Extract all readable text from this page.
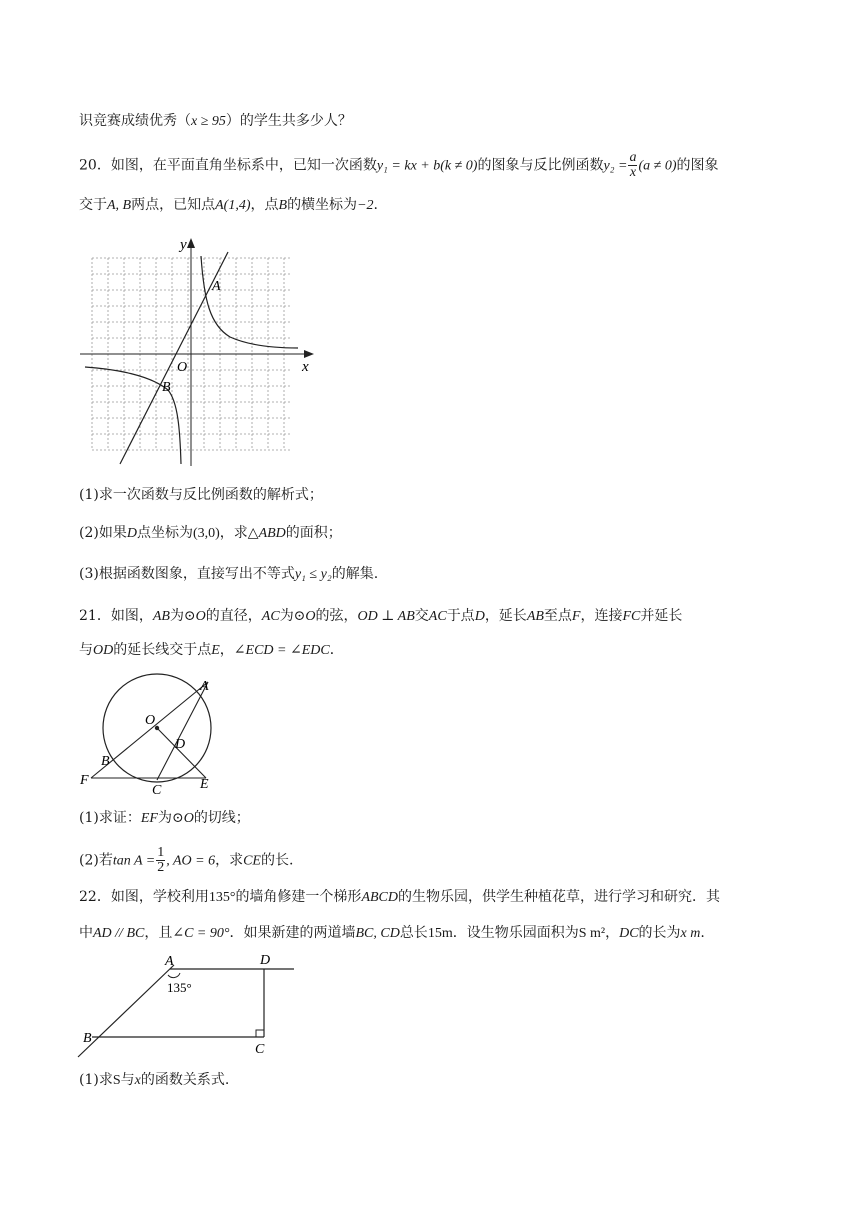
识竞赛成绩优秀（x ≥ 95）的学生共多少人？
20．如图，在平面直角坐标系中，已知一次函数y₁ = kx + b(k ≠ 0)的图象与反比例函数$y_2 = \frac{a}{x} (a \ne 0)$的图象
交于A, B两点，已知点A(1,4)，点B的横坐标为−2.
y
x
O
A
B
(1)求一次函数与反比例函数的解析式；
(2)如果D点坐标为(3,0)，求△ABD的面积；
(3)根据函数图象，直接写出不等式y₁ ≤ y₂的解集.
21．如图，AB为⊙O的直径，AC为⊙O的弦，OD ⊥ AB交AC于点D，延长AB至点F，连接FC并延长
与OD的延长线交于点E，∠ECD = ∠EDC．
A
O
D
B
F
C	E
(1)求证：EF为⊙O的切线；
(2)若$\tan A = \frac{1}{2}$ , AO = 6，求CE的长.
22．如图，学校利用135°的墙角修建一个梯形ABCD的生物乐园，供学生种植花草，进行学习和研究．其
中AD // BC，且∠C = 90°．如果新建的两道墙BC, CD总长15m．设生物乐园面积为S m²，DC的长为x m.
A	D
B
C
135°
(1)求S与x的函数关系式.
